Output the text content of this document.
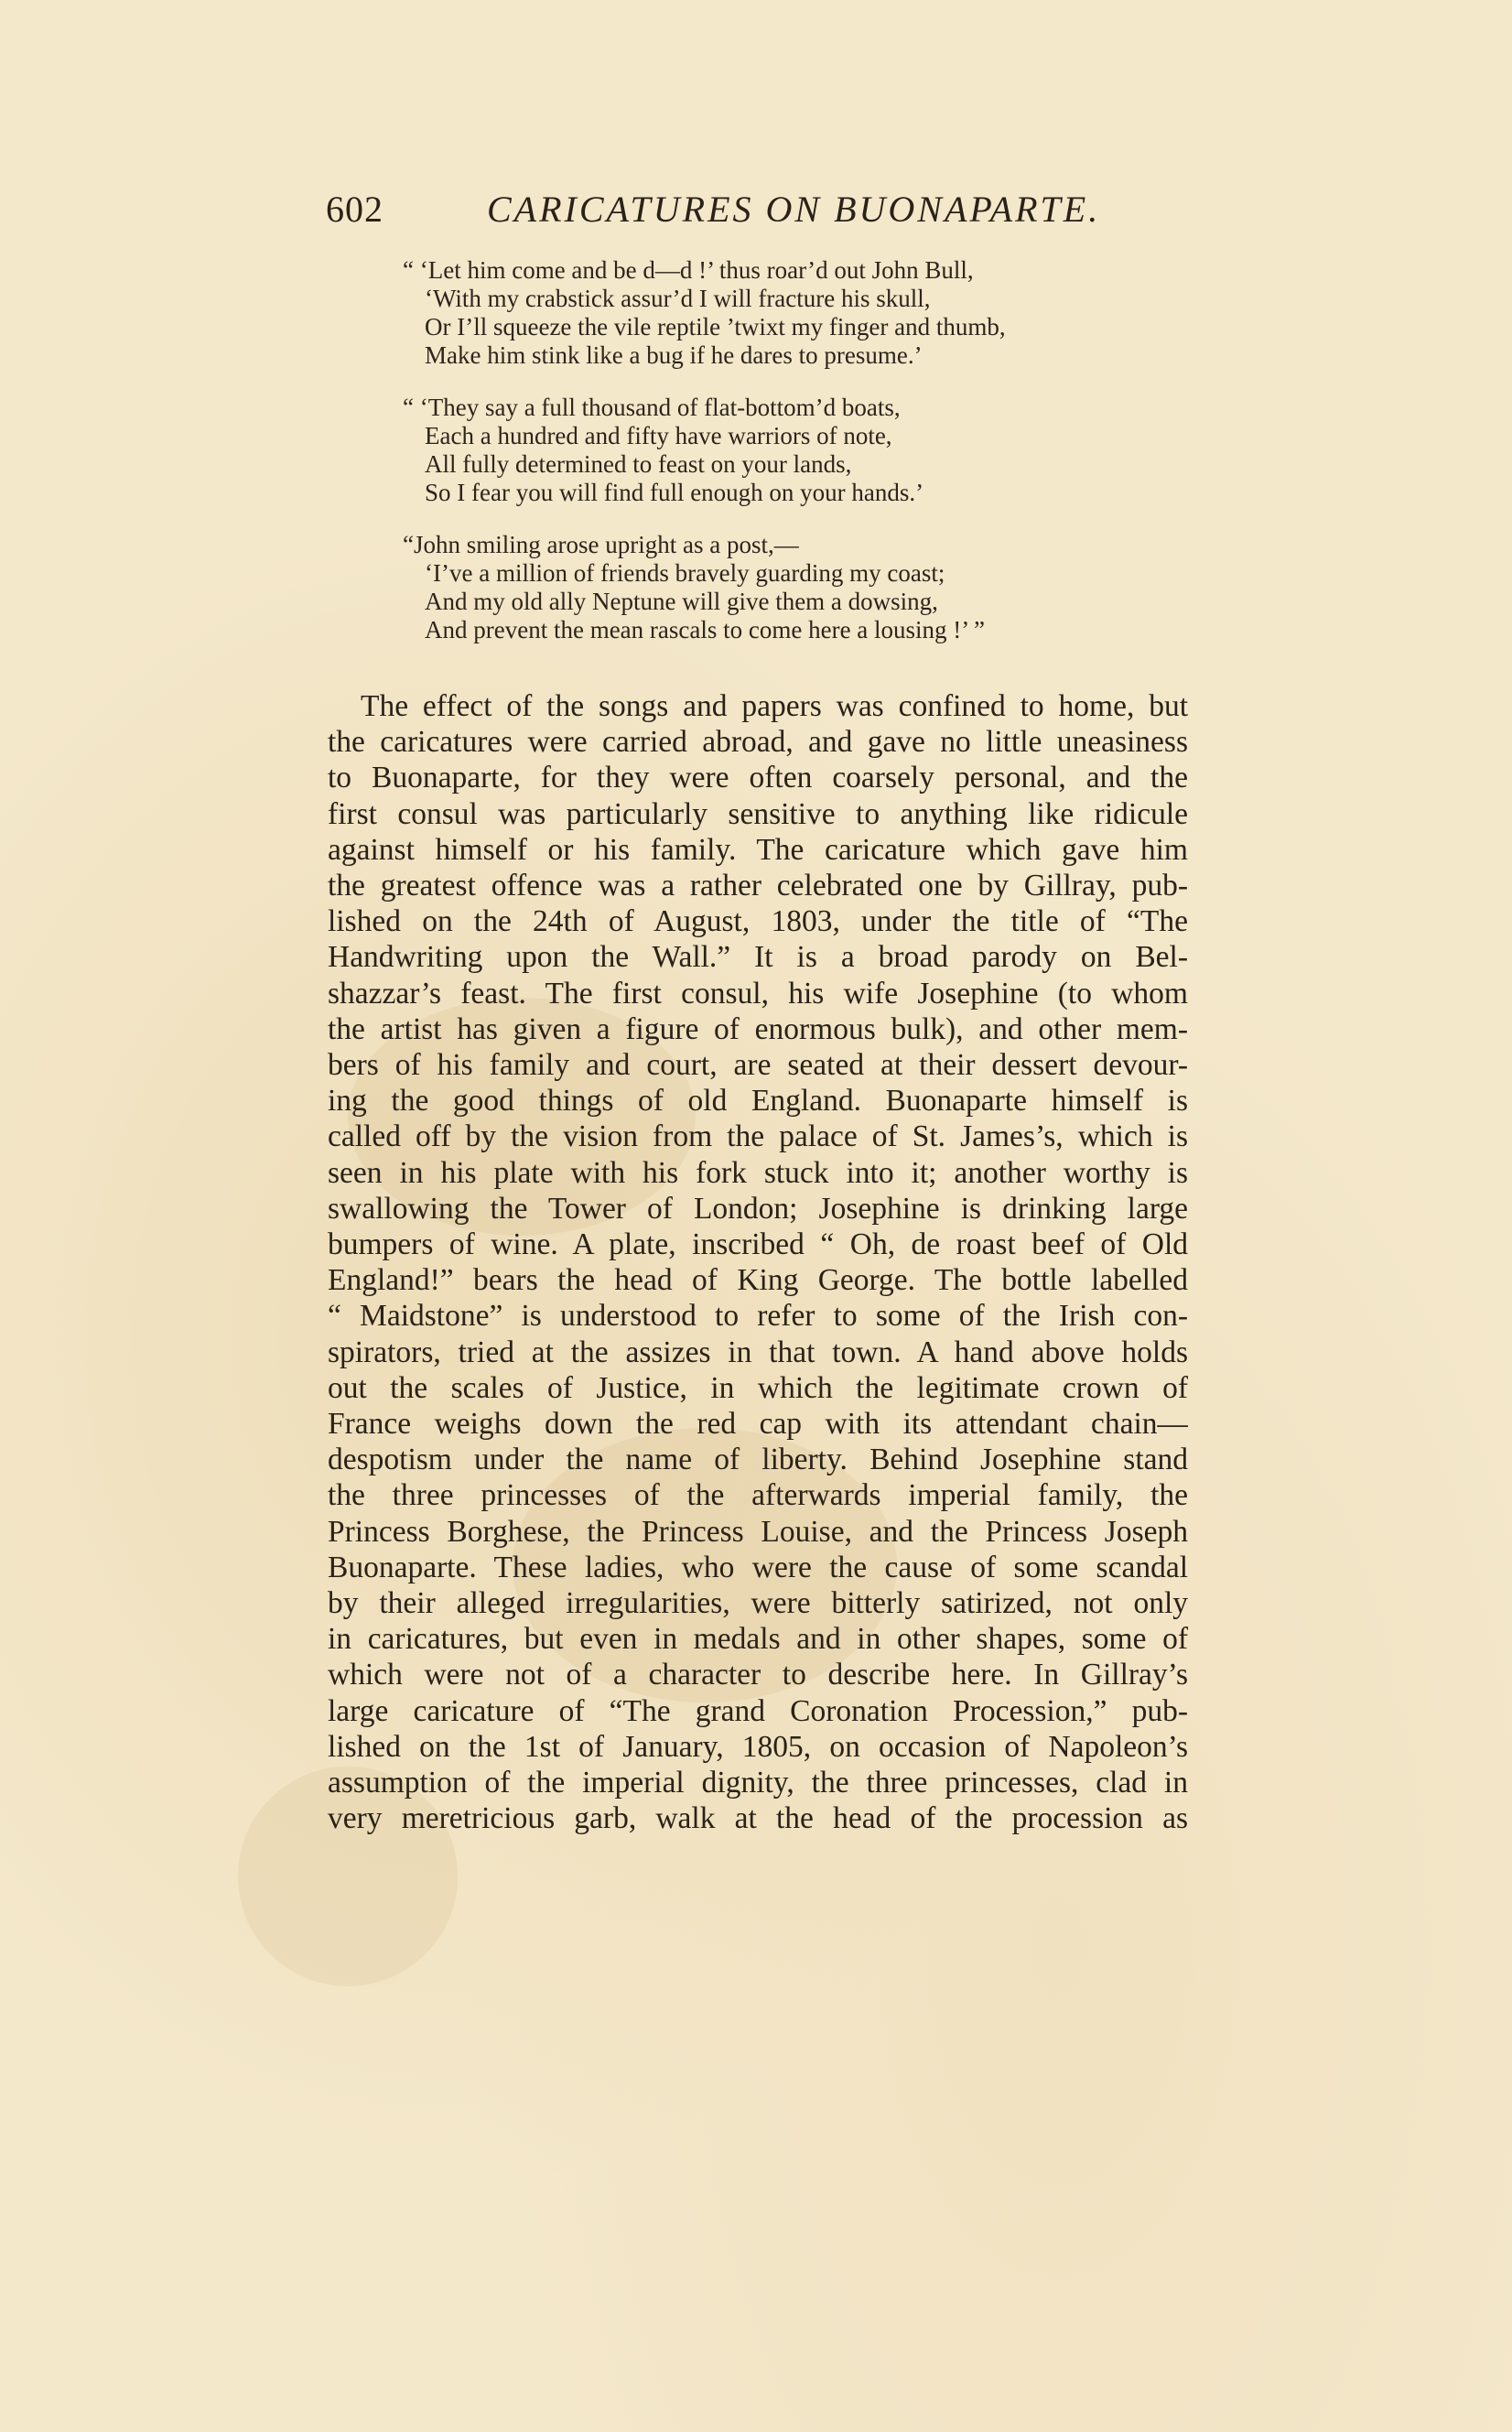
602	CARICATURES ON BUONAPARTE.
“ ‘Let him come and be d—d !’ thus roar’d out John Bull,
‘With my crabstick assur’d I will fracture his skull,
Or I’ll squeeze the vile reptile ’twixt my finger and thumb,
Make him stink like a bug if he dares to presume.’
“ ‘They say a full thousand of flat-bottom’d boats,
Each a hundred and fifty have warriors of note,
All fully determined to feast on your lands,
So I fear you will find full enough on your hands.’
“John smiling arose upright as a post,—
‘I’ve a million of friends bravely guarding my coast;
And my old ally Neptune will give them a dowsing,
And prevent the mean rascals to come here a lousing !’ ”
The effect of the songs and papers was confined to home, but
the caricatures were carried abroad, and gave no little uneasiness
to Buonaparte, for they were often coarsely personal, and the
first consul was particularly sensitive to anything like ridicule
against himself or his family. The caricature which gave him
the greatest offence was a rather celebrated one by Gillray, pub-
lished on the 24th of August, 1803, under the title of “The
Handwriting upon the Wall.” It is a broad parody on Bel-
shazzar’s feast. The first consul, his wife Josephine (to whom
the artist has given a figure of enormous bulk), and other mem-
bers of his family and court, are seated at their dessert devour-
ing the good things of old England. Buonaparte himself is
called off by the vision from the palace of St. James’s, which is
seen in his plate with his fork stuck into it; another worthy is
swallowing the Tower of London; Josephine is drinking large
bumpers of wine. A plate, inscribed “ Oh, de roast beef of Old
England!” bears the head of King George. The bottle labelled
“ Maidstone” is understood to refer to some of the Irish con-
spirators, tried at the assizes in that town. A hand above holds
out the scales of Justice, in which the legitimate crown of
France weighs down the red cap with its attendant chain—
despotism under the name of liberty. Behind Josephine stand
the three princesses of the afterwards imperial family, the
Princess Borghese, the Princess Louise, and the Princess Joseph
Buonaparte. These ladies, who were the cause of some scandal
by their alleged irregularities, were bitterly satirized, not only
in caricatures, but even in medals and in other shapes, some of
which were not of a character to describe here. In Gillray’s
large caricature of “The grand Coronation Procession,” pub-
lished on the 1st of January, 1805, on occasion of Napoleon’s
assumption of the imperial dignity, the three princesses, clad in
very meretricious garb, walk at the head of the procession as
